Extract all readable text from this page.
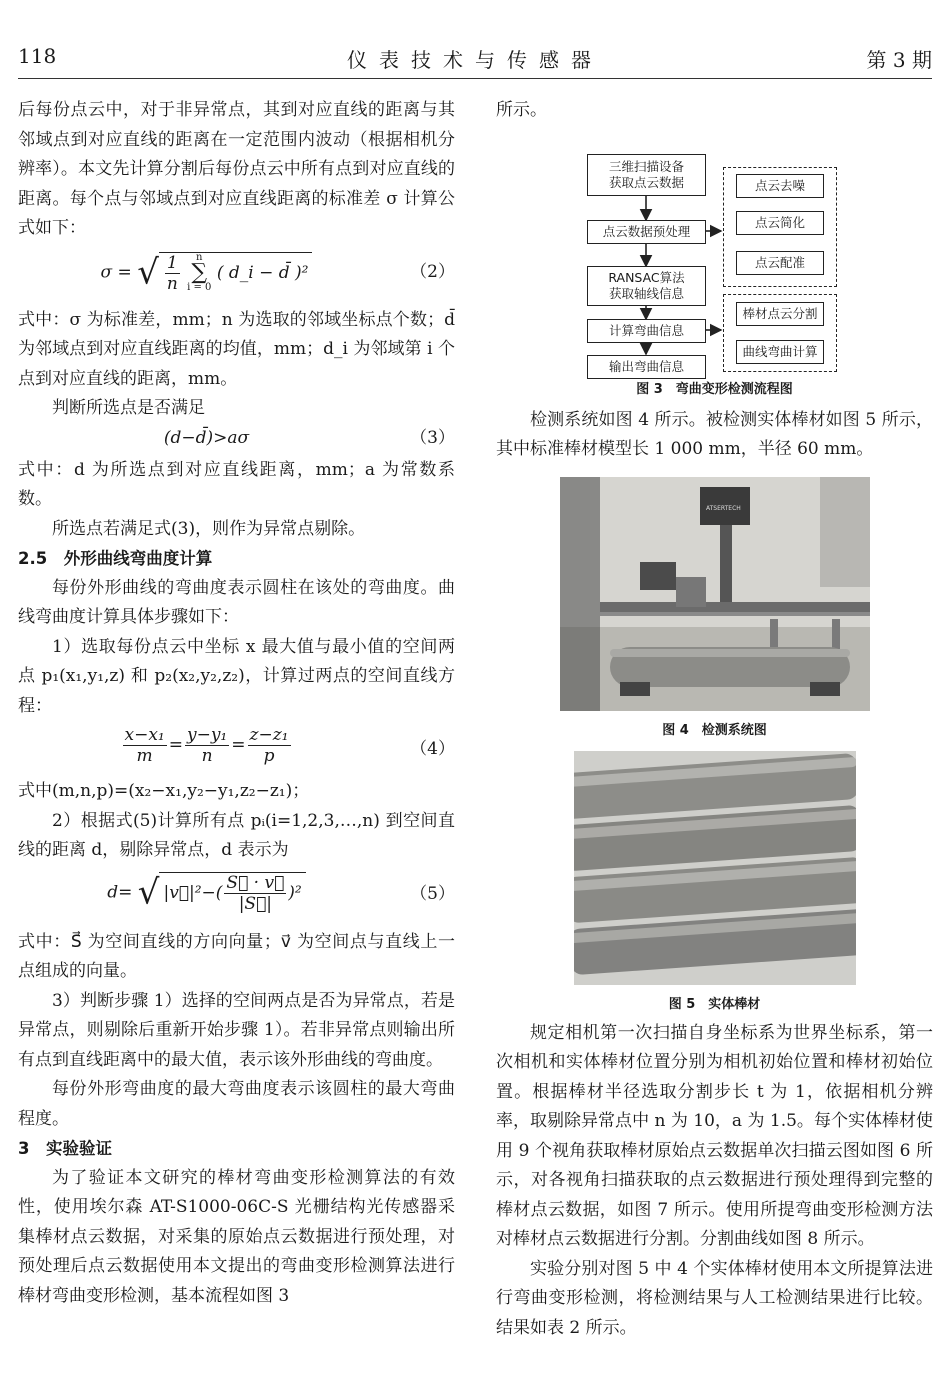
118	仪表技术与传感器	第 3 期

后每份点云中，对于非异常点，其到对应直线的距离与其邻域点到对应直线的距离在一定范围内波动（根据相机分辨率）。本文先计算分割后每份点云中所有点到对应直线的距离。每个点与邻域点到对应直线距离的标准差 σ 计算公式如下：

σ = √ $\frac{1}{n}$
	n
∑
i = 0
( d_i − d̄ )²	（2）

式中：σ 为标准差，mm；n 为选取的邻域坐标点个数；d̄ 为邻域点到对应直线距离的均值，mm；d_i 为邻域第 i 个点到对应直线的距离，mm。

判断所选点是否满足

(d−d̄)>aσ	（3）

式中：d 为所选点到对应直线距离，mm；a 为常数系数。

所选点若满足式(3)，则作为异常点剔除。

2.5　外形曲线弯曲度计算

每份外形曲线的弯曲度表示圆柱在该处的弯曲度。曲线弯曲度计算具体步骤如下：

1）选取每份点云中坐标 x 最大值与最小值的空间两点 p₁(x₁,y₁,z) 和 p₂(x₂,y₂,z₂)，计算过两点的空间直线方程：

$\frac{\text{x−x₁}}{m} = \frac{\text{y−y₁}}{n} = \frac{\text{z−z₁}}{p}$	（4）

式中(m,n,p)=(x₂−x₁,y₂−y₁,z₂−z₁)；

2）根据式(5)计算所有点 pᵢ(i=1,2,3,…,n) 到空间直线的距离 d，剔除异常点，d 表示为

d= √ |v⃗|²−( $\frac{S⃗ \cdot v⃗}{|S⃗|} )^2$	（5）

式中：S⃗ 为空间直线的方向向量；v⃗ 为空间点与直线上一点组成的向量。

3）判断步骤 1）选择的空间两点是否为异常点，若是异常点，则剔除后重新开始步骤 1）。若非异常点则输出所有点到直线距离中的最大值，表示该外形曲线的弯曲度。

每份外形弯曲度的最大弯曲度表示该圆柱的最大弯曲程度。

3　实验验证

为了验证本文研究的棒材弯曲变形检测算法的有效性，使用埃尔森 AT-S1000-06C-S 光栅结构光传感器采集棒材点云数据，对采集的原始点云数据进行预处理，对预处理后点云数据使用本文提出的弯曲变形检测算法进行棒材弯曲变形检测，基本流程如图 3

所示。

三维扫描设备
获取点云数据
点云数据预处理
RANSAC算法
获取轴线信息
计算弯曲信息
输出弯曲信息
点云去噪
点云简化
点云配准
棒材点云分割
曲线弯曲计算
图 3　弯曲变形检测流程图

检测系统如图 4 所示。被检测实体棒材如图 5 所示，其中标准棒材模型长 1 000 mm，半径 60 mm。

ATSERTECH
图 4　检测系统图
图 5　实体棒材

规定相机第一次扫描自身坐标系为世界坐标系，第一次相机和实体棒材位置分别为相机初始位置和棒材初始位置。根据棒材半径选取分割步长 t 为 1，依据相机分辨率，取剔除异常点中 n 为 10，a 为 1.5。每个实体棒材使用 9 个视角获取棒材原始点云数据单次扫描云图如图 6 所示，对各视角扫描获取的点云数据进行预处理得到完整的棒材点云数据，如图 7 所示。使用所提弯曲变形检测方法对棒材点云数据进行分割。分割曲线如图 8 所示。

实验分别对图 5 中 4 个实体棒材使用本文所提算法进行弯曲变形检测，将检测结果与人工检测结果进行比较。结果如表 2 所示。
